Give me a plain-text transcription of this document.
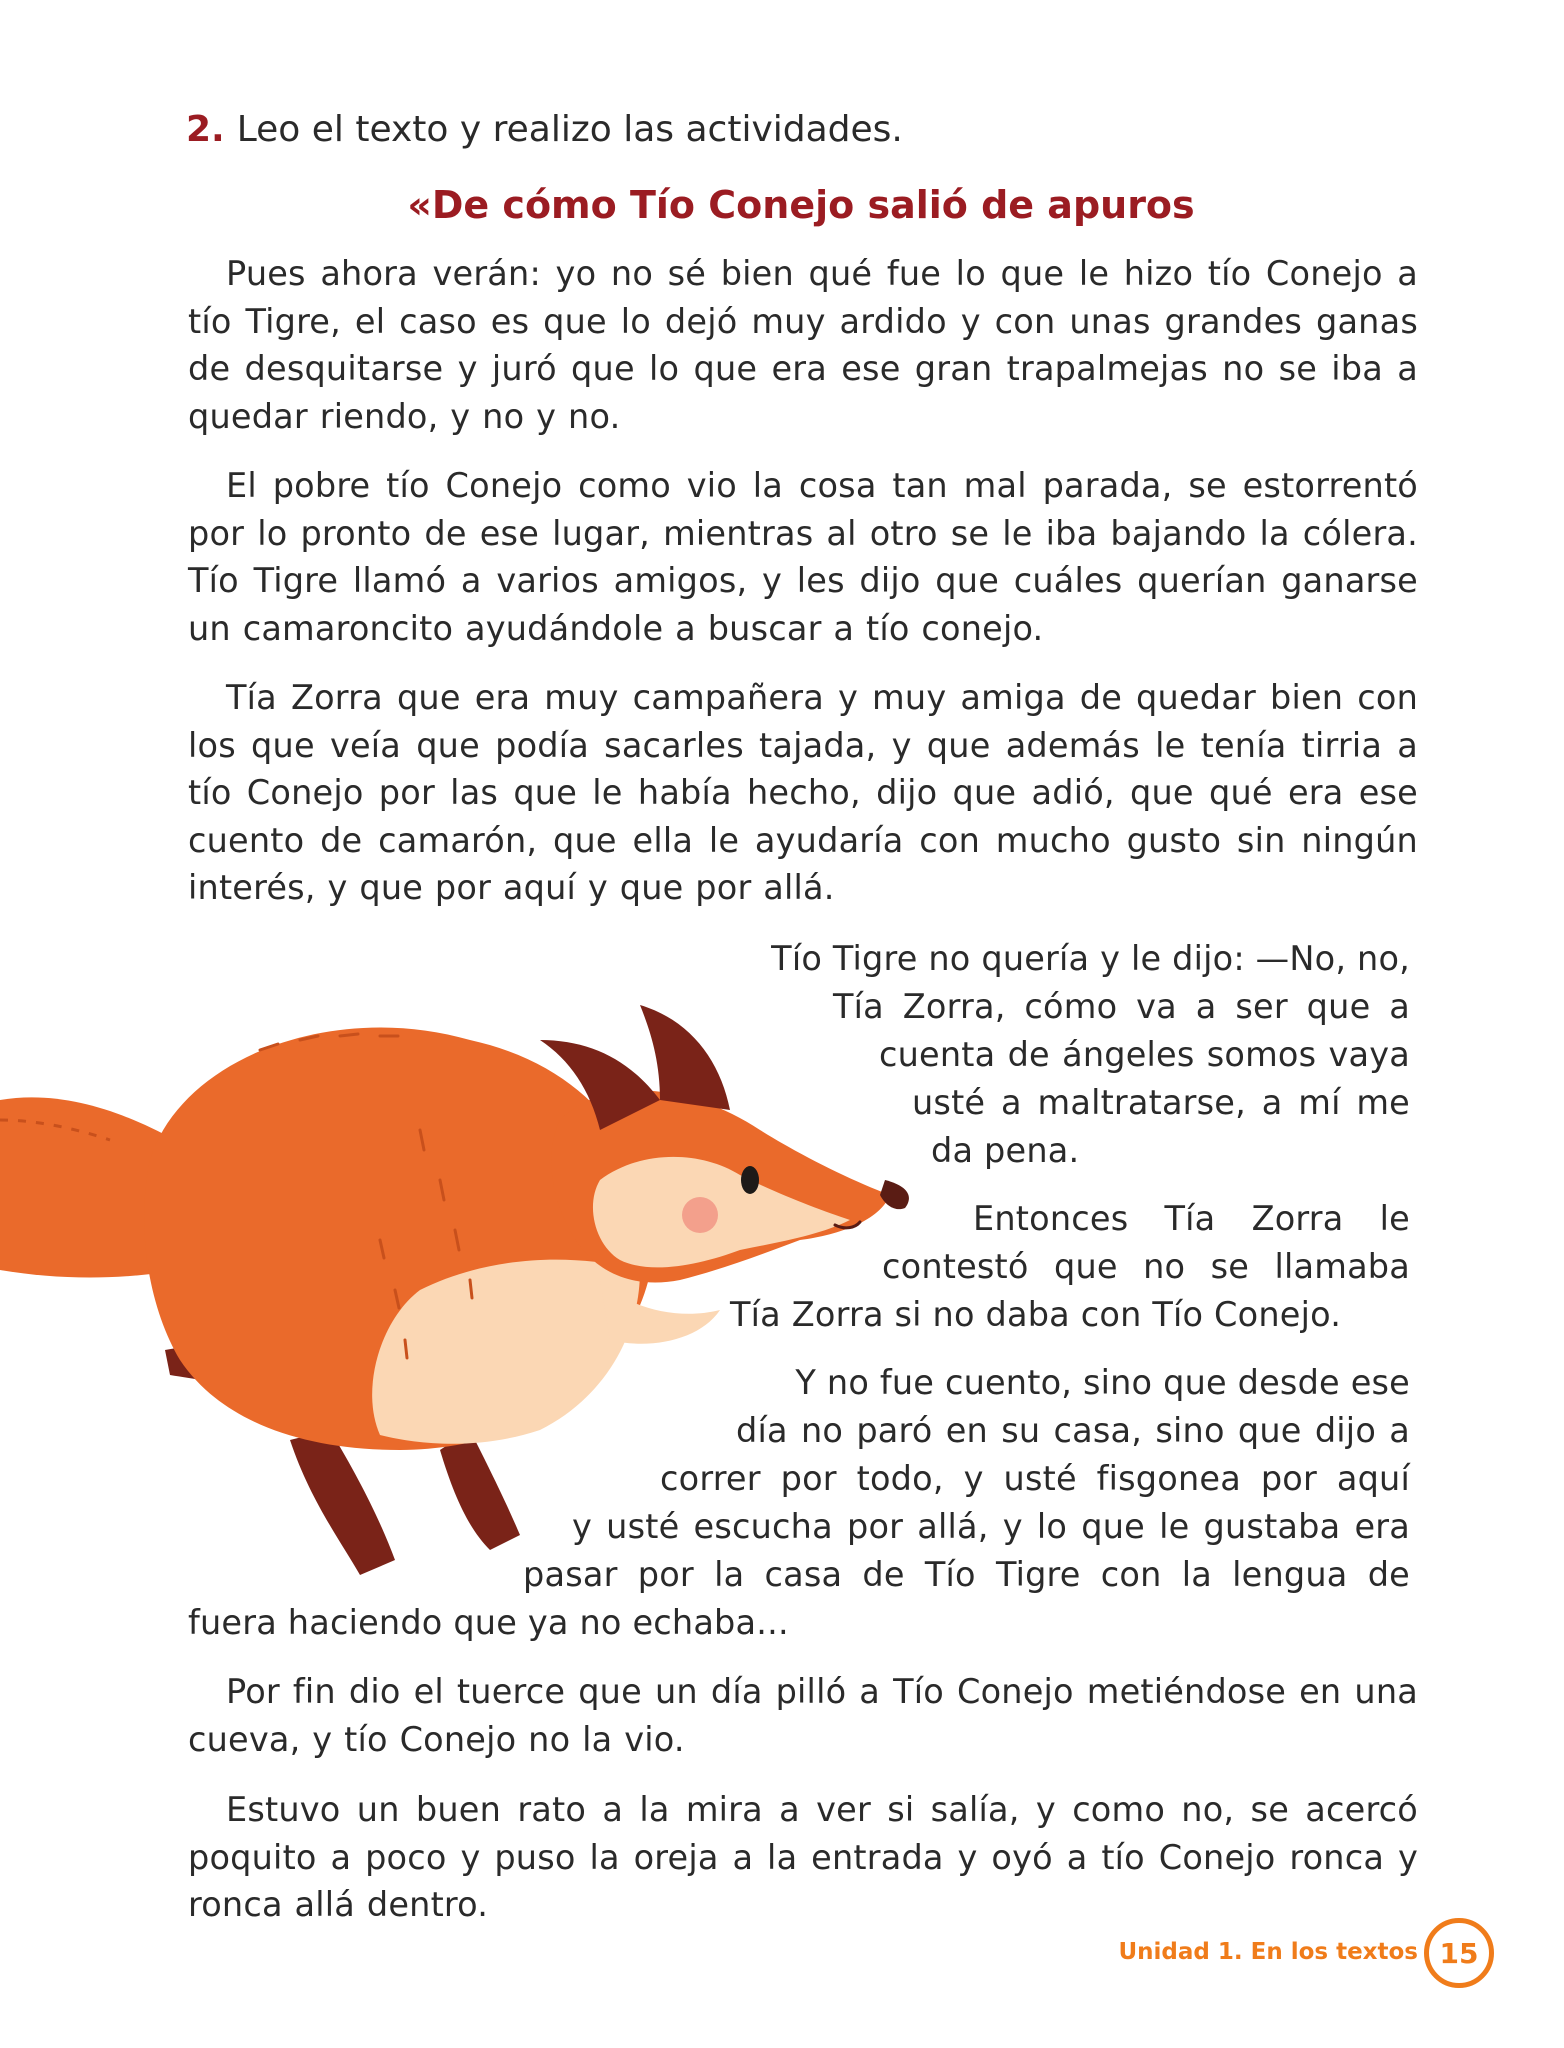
2. Leo el texto y realizo las actividades.
«De cómo Tío Conejo salió de apuros

Pues ahora verán: yo no sé bien qué fue lo que le hizo tío Conejo a tío Tigre, el caso es que lo dejó muy ardido y con unas grandes ganas de desquitarse y juró que lo que era ese gran trapalmejas no se iba a quedar riendo, y no y no.

El pobre tío Conejo como vio la cosa tan mal parada, se estorrentó por lo pronto de ese lugar, mientras al otro se le iba bajando la cólera. Tío Tigre llamó a varios amigos, y les dijo que cuáles querían ganarse un camaroncito ayudándole a buscar a tío conejo.

Tía Zorra que era muy campañera y muy amiga de quedar bien con los que veía que podía sacarles tajada, y que además le tenía tirria a tío Conejo por las que le había hecho, dijo que adió, que qué era ese cuento de camarón, que ella le ayudaría con mucho gusto sin ningún interés, y que por aquí y que por allá.

Tío Tigre no quería y le dijo: —No, no,
Tía Zorra, cómo va a ser que a
cuenta de ángeles somos vaya
usté a maltratarse, a mí me
da pena.
Entonces Tía Zorra le
contestó que no se llamaba
Tía Zorra si no daba con Tío Conejo.
Y no fue cuento, sino que desde ese
día no paró en su casa, sino que dijo a
correr por todo, y usté fisgonea por aquí
y usté escucha por allá, y lo que le gustaba era
pasar por la casa de Tío Tigre con la lengua de
fuera haciendo que ya no echaba...

Por fin dio el tuerce que un día pilló a Tío Conejo metiéndose en una cueva, y tío Conejo no la vio.

Estuvo un buen rato a la mira a ver si salía, y como no, se acercó poquito a poco y puso la oreja a la entrada y oyó a tío Conejo ronca y ronca allá dentro.

Unidad 1. En los textos 15
